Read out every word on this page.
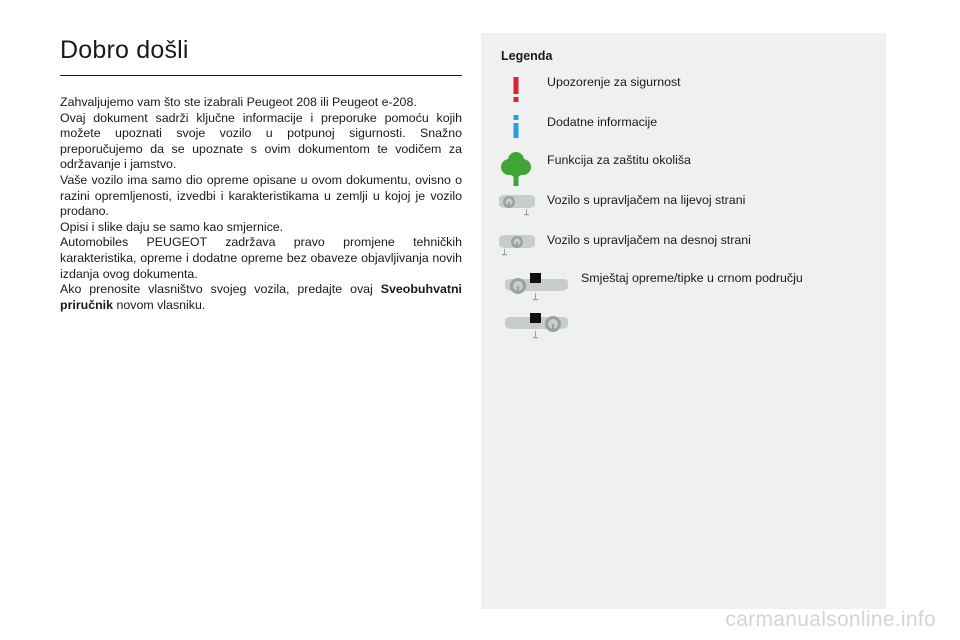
Dobro došli

Zahvaljujemo vam što ste izabrali Peugeot 208 ili Peugeot e-208.

Ovaj dokument sadrži ključne informacije i preporuke pomoću kojih možete upoznati svoje vozilo u potpunoj sigurnosti. Snažno preporučujemo da se upoznate s ovim dokumentom te vodičem za održavanje i jamstvo.

Vaše vozilo ima samo dio opreme opisane u ovom dokumentu, ovisno o razini opremljenosti, izvedbi i karakteristikama u zemlji u kojoj je vozilo prodano.

Opisi i slike daju se samo kao smjernice.

Automobiles PEUGEOT zadržava pravo promjene tehničkih karakteristika, opreme i dodatne opreme bez obaveze objavljivanja novih izdanja ovog dokumenta.

Ako prenosite vlasništvo svojeg vozila, predajte ovaj Sveobuhvatni priručnik novom vlasniku.

Legenda
Upozorenje za sigurnost
Dodatne informacije
Funkcija za zaštitu okoliša
Vozilo s upravljačem na lijevoj strani
Vozilo s upravljačem na desnoj strani
Smještaj opreme/tipke u crnom području
carmanualsonline.info
